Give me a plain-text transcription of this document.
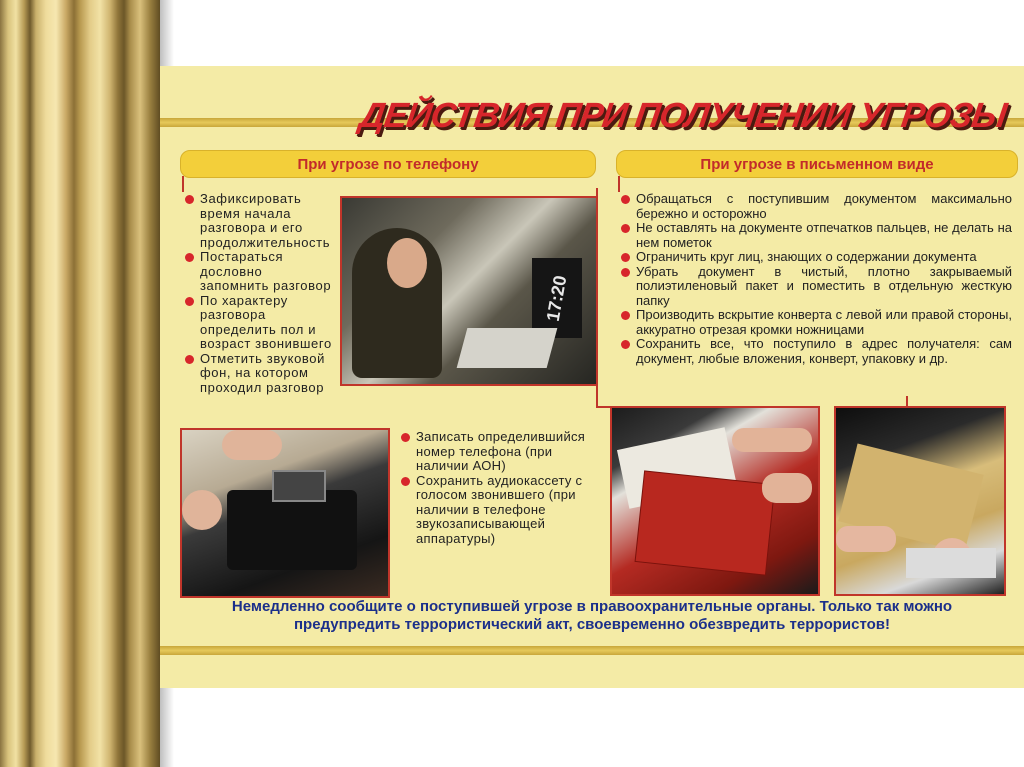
ДЕЙСТВИЯ ПРИ ПОЛУЧЕНИИ УГРОЗЫ
При угрозе по телефону	При угрозе в письменном виде
Зафиксировать время начала разговора и его продолжительность
Постараться дословно запомнить разговор
По характеру разговора определить пол и возраст звонившего
Отметить звуковой фон, на котором проходил разговор
17:20
Обращаться с поступившим документом максимально бережно и осторожно
Не оставлять на документе отпечатков пальцев, не делать на нем пометок
Ограничить круг лиц, знающих о содержании документа
Убрать документ в чистый, плотно закрываемый полиэтиленовый пакет и поместить в отдельную жесткую папку
Производить вскрытие конверта с левой или правой стороны, аккуратно отрезая кромки ножницами
Сохранить все, что поступило в адрес получателя: сам документ, любые вложения, конверт, упаковку и др.
Записать определившийся номер телефона (при наличии АОН)
Сохранить аудиокассету с голосом звонившего (при наличии в телефоне звукозаписывающей аппаратуры)
Немедленно сообщите о поступившей угрозе в правоохранительные органы. Только так можно предупредить террористический акт, своевременно обезвредить террористов!
